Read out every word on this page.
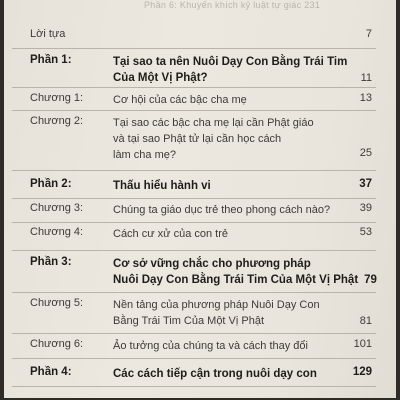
Phần 6: Khuyến khích kỷ luật tự giác 231
Lời tựa	7
Phần 1:	Tại sao ta nên Nuôi Dạy Con Bằng Trái Tim
Của Một Vị Phật?	11
Chương 1:	Cơ hội của các bậc cha mẹ	13
Chương 2:	Tại sao các bậc cha mẹ lại cần Phật giáo
và tại sao Phật tử lại cần học cách
làm cha mẹ?	25
Phần 2:	Thấu hiểu hành vi	37
Chương 3:	Chúng ta giáo dục trẻ theo phong cách nào?	39
Chương 4:	Cách cư xử của con trẻ	53
Phần 3:	Cơ sở vững chắc cho phương pháp
Nuôi Dạy Con Bằng Trái Tim Của Một Vị Phật 79
Chương 5:	Nền tảng của phương pháp Nuôi Dạy Con
Bằng Trái Tim Của Một Vị Phật	81
Chương 6:	Ảo tưởng của chúng ta và cách thay đổi	101
Phần 4:	Các cách tiếp cận trong nuôi dạy con	129
